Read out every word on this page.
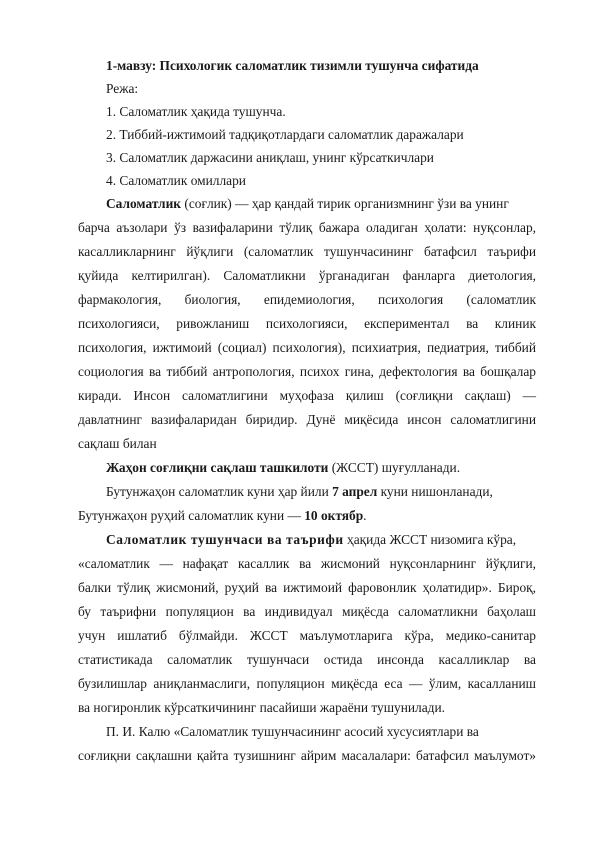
1-мавзу: Психологик саломатлик тизимли тушунча сифатида
Режа:
1. Саломатлик ҳақида тушунча.
2. Тиббий-ижтимоий тадқиқотлардаги саломатлик даражалари
3. Саломатлик даржасини аниқлаш, унинг кўрсаткичлари
4. Саломатлик омиллари
Саломатлик (соғлик) — ҳар қандай тирик организмнинг ўзи ва унинг
барча аъзолари ўз вазифаларини тўлиқ бажара оладиган ҳолати: нуқсонлар,
касалликларнинг йўқлиги (саломатлик тушунчасининг батафсил таърифи
қуйида келтирилган). Саломатликни ўрганадиган фанларга диетология,
фармакология, биология, епидемиология, психология (саломатлик
психологияси, ривожланиш психологияси, експериментал ва клиник
психология, ижтимоий (социал) психология), психиатрия, педиатрия, тиббий
социология ва тиббий антропология, психох гина, дефектология ва бошқалар
киради. Инсон саломатлигини муҳофаза қилиш (соғлиқни сақлаш) —
давлатнинг вазифаларидан биридир. Дунё миқёсида инсон саломатлигини
сақлаш билан
Жаҳон соғлиқни сақлаш ташкилоти (ЖССТ) шуғулланади.
Бутунжаҳон саломатлик куни ҳар йили 7 апрел куни нишонланади,
Бутунжаҳон руҳий саломатлик куни — 10 октябр.
Саломатлик тушунчаси ва таърифи ҳақида ЖССТ низомига кўра,
«саломатлик — нафақат касаллик ва жисмоний нуқсонларнинг йўқлиги,
балки тўлиқ жисмоний, руҳий ва ижтимоий фаровонлик ҳолатидир». Бироқ,
бу таърифни популяцион ва индивидуал миқёсда саломатликни баҳолаш
учун ишлатиб бўлмайди. ЖССТ маълумотларига кўра, медико-санитар
статистикада саломатлик тушунчаси остида инсонда касалликлар ва
бузилишлар аниқланмаслиги, популяцион миқёсда еса — ўлим, касалланиш
ва ногиронлик кўрсаткичининг пасайиши жараёни тушунилади.
П. И. Калю «Саломатлик тушунчасининг асосий хусусиятлари ва
соғлиқни сақлашни қайта тузишнинг айрим масалалари: батафсил маълумот»
